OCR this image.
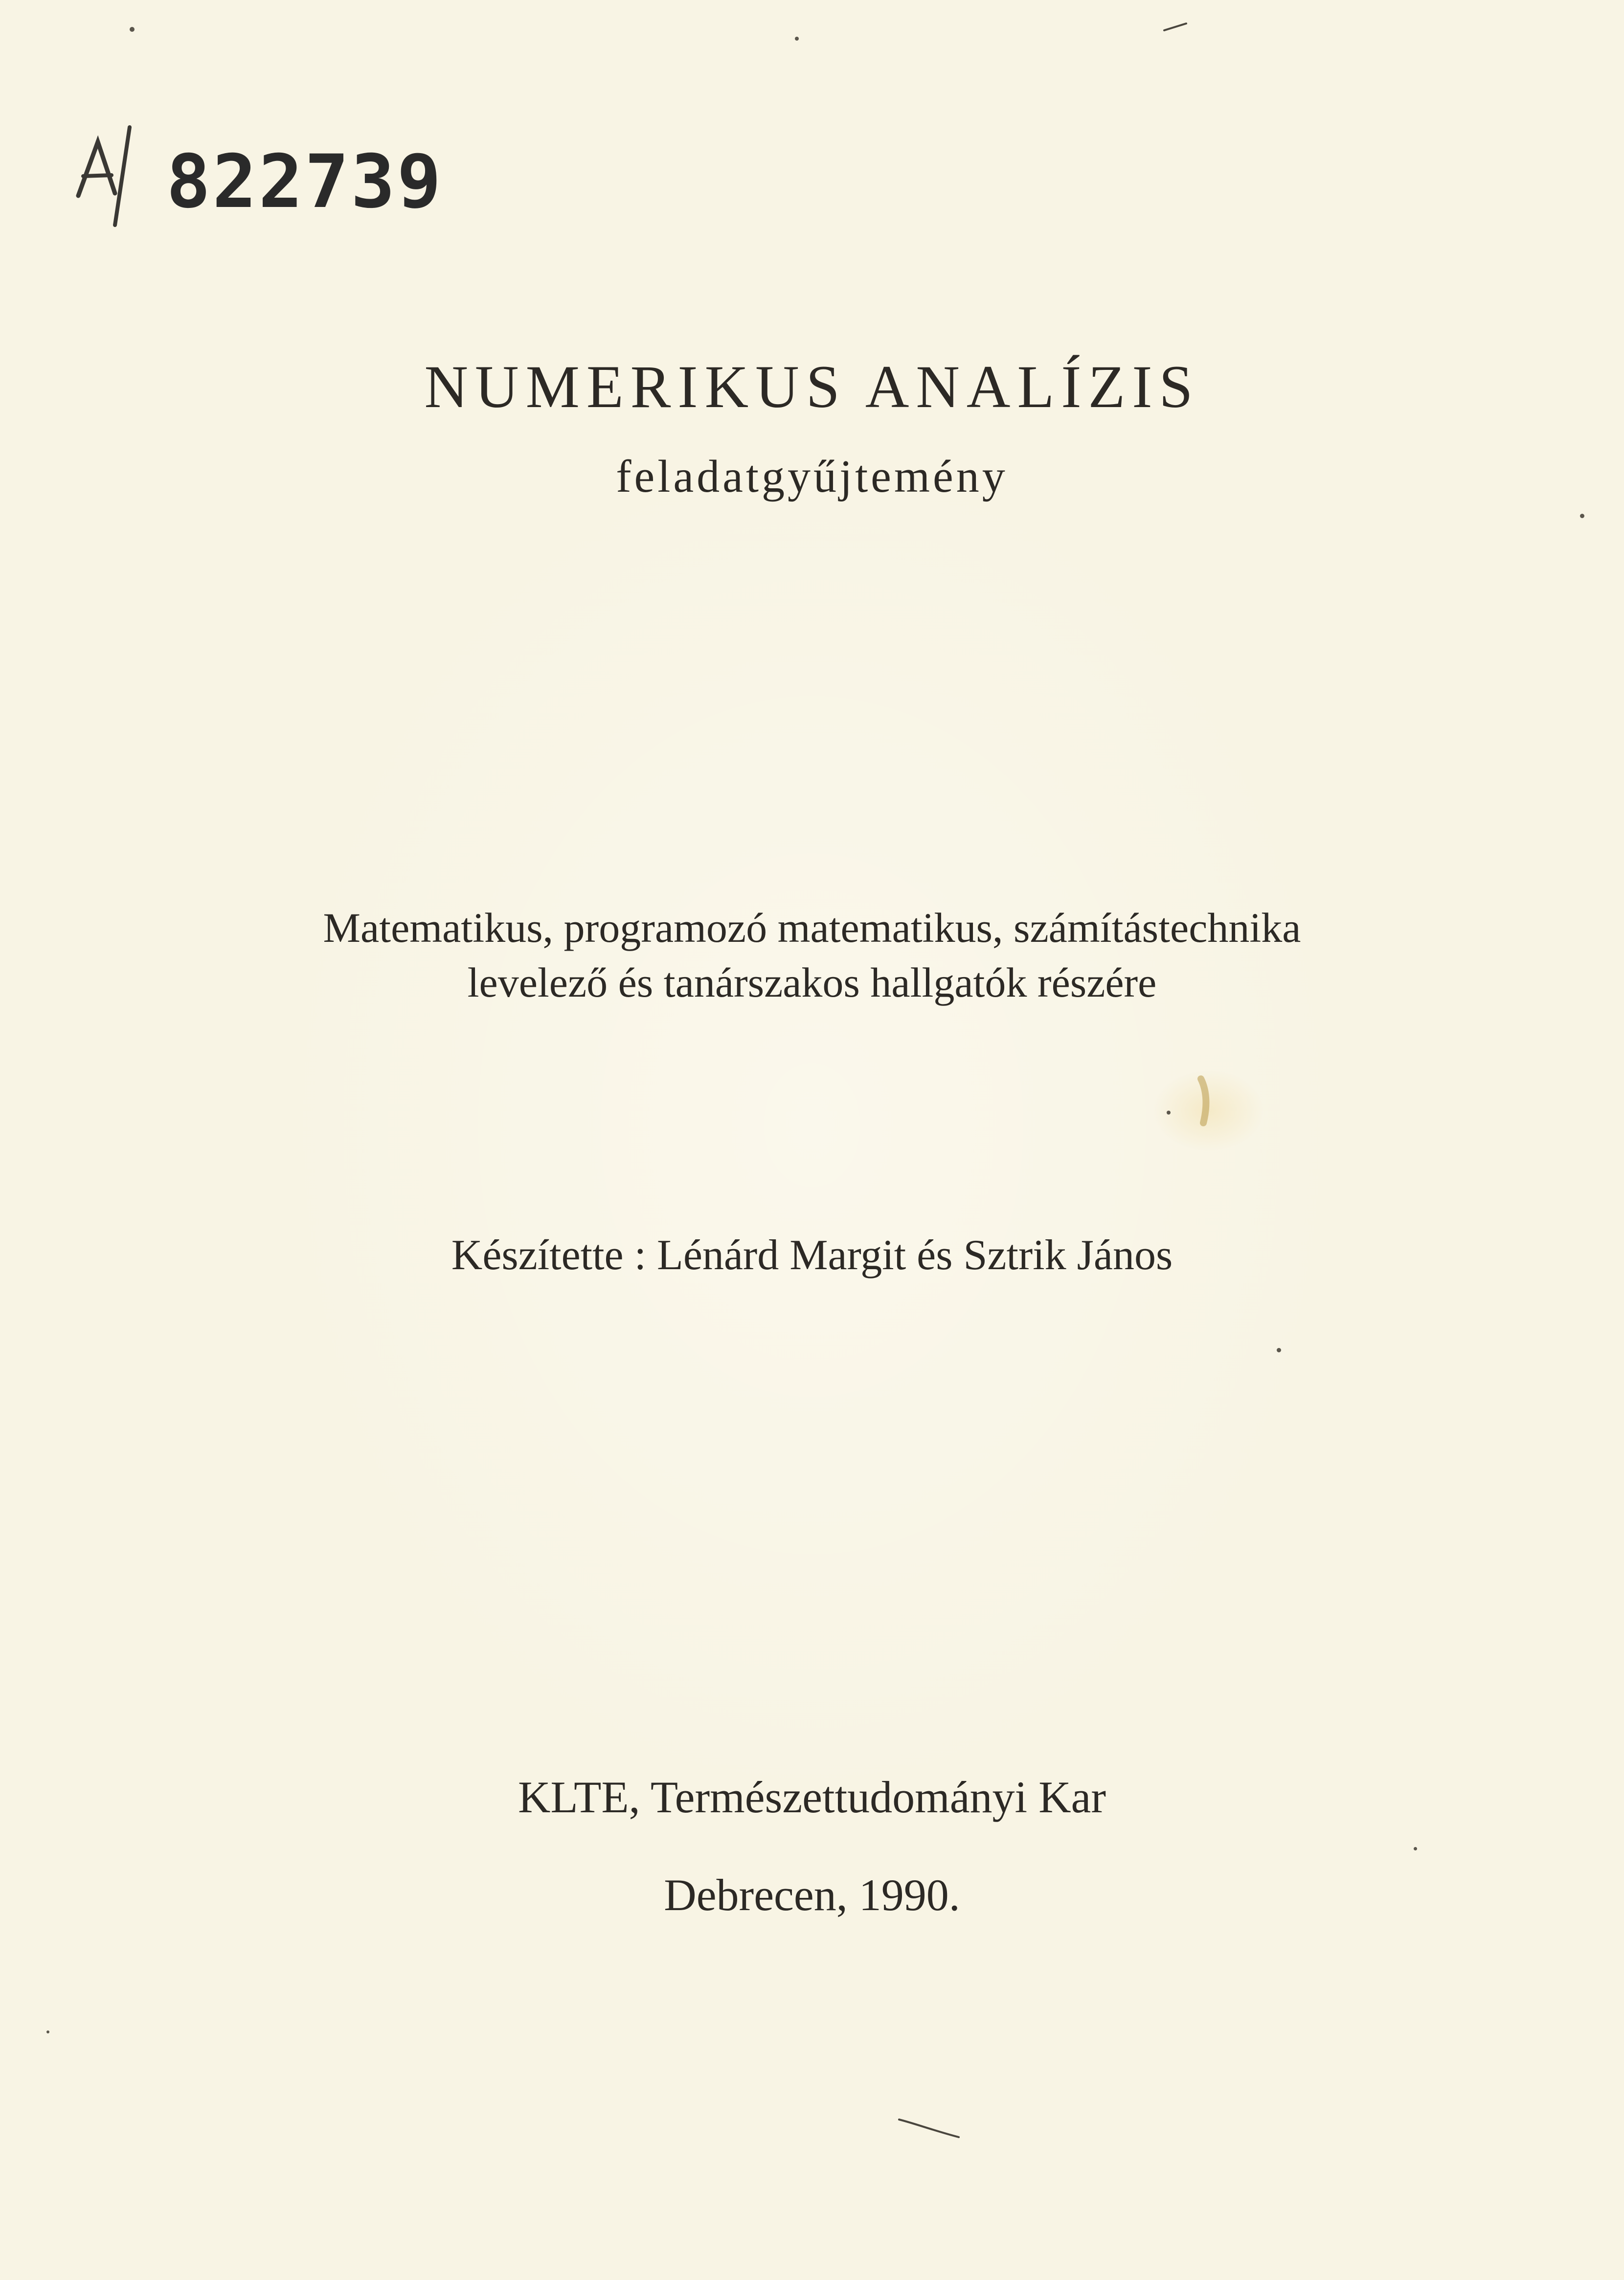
822739
NUMERIKUS ANALÍZIS
feladatgyűjtemény
Matematikus, programozó matematikus, számítástechnika
levelező és tanárszakos hallgatók részére
Készítette : Lénárd Margit és Sztrik János
KLTE, Természettudományi Kar
Debrecen, 1990.
